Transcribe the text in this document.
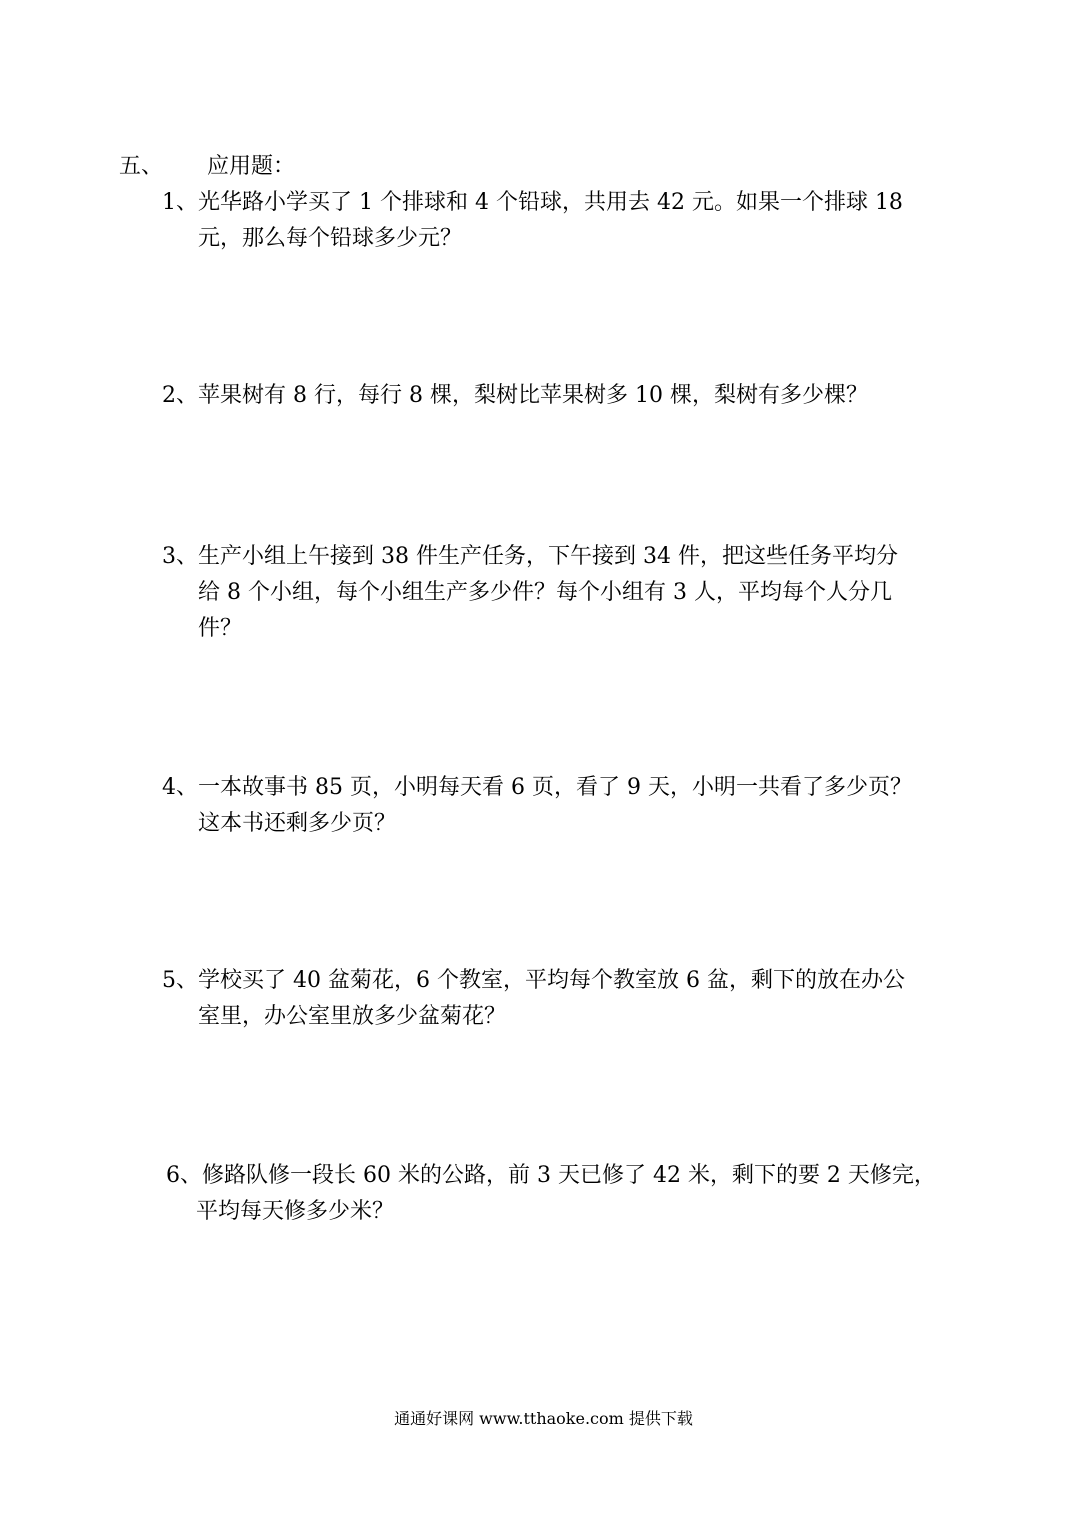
五、 应用题：
1、光华路小学买了 1 个排球和 4 个铅球，共用去 42 元。如果一个排球 18
元，那么每个铅球多少元？
2、苹果树有 8 行，每行 8 棵，梨树比苹果树多 10 棵，梨树有多少棵？
3、生产小组上午接到 38 件生产任务，下午接到 34 件，把这些任务平均分
给 8 个小组，每个小组生产多少件？每个小组有 3 人，平均每个人分几
件？
4、一本故事书 85 页，小明每天看 6 页，看了 9 天，小明一共看了多少页？
这本书还剩多少页？
5、学校买了 40 盆菊花，6 个教室，平均每个教室放 6 盆，剩下的放在办公
室里，办公室里放多少盆菊花？
6、修路队修一段长 60 米的公路，前 3 天已修了 42 米，剩下的要 2 天修完，
平均每天修多少米？
通通好课网 www.tthaoke.com 提供下载
